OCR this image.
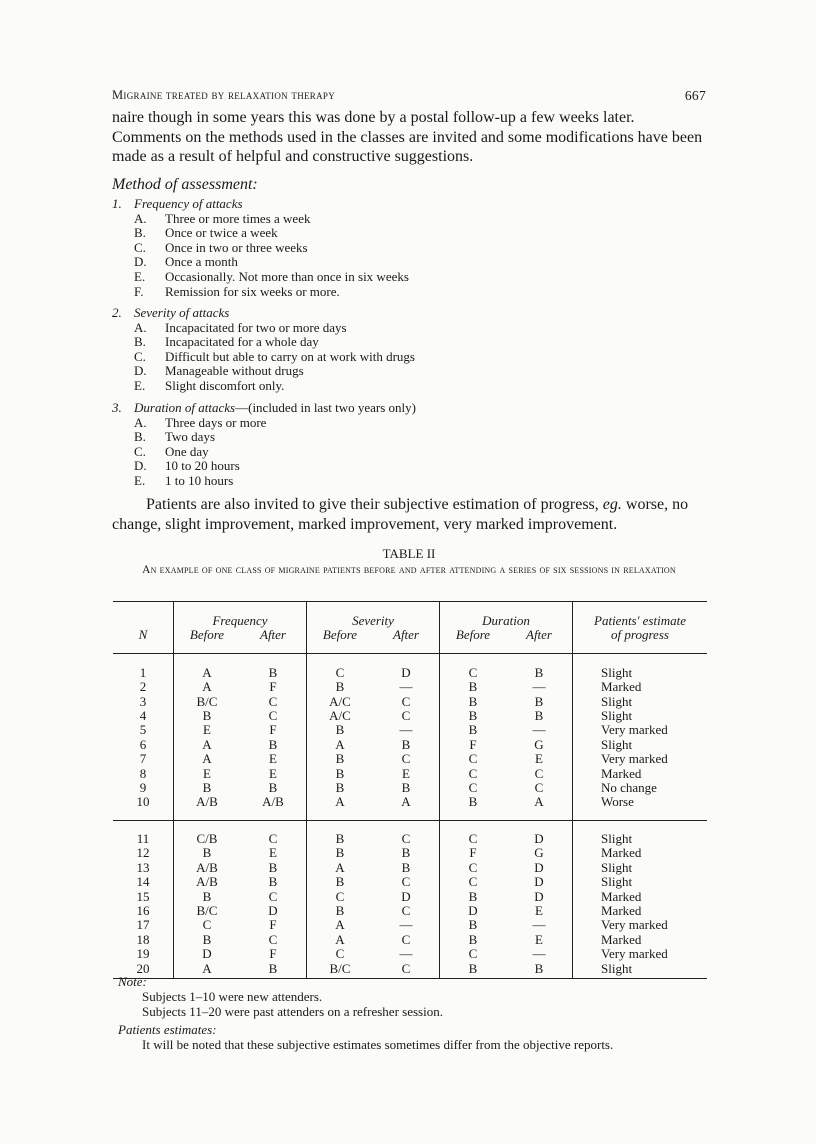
Migraine treated by relaxation therapy	667

naire though in some years this was done by a postal follow-up a few weeks later. Comments on the methods used in the classes are invited and some modifications have been made as a result of helpful and constructive suggestions.

Method of assessment:
1. Frequency of attacks
A. Three or more times a week
B. Once or twice a week
C. Once in two or three weeks
D. Once a month
E. Occasionally. Not more than once in six weeks
F. Remission for six weeks or more.
2. Severity of attacks
A. Incapacitated for two or more days
B. Incapacitated for a whole day
C. Difficult but able to carry on at work with drugs
D. Manageable without drugs
E. Slight discomfort only.
3. Duration of attacks—(included in last two years only)
A. Three days or more
B. Two days
C. One day
D. 10 to 20 hours
E. 1 to 10 hours

Patients are also invited to give their subjective estimation of progress, eg. worse, no change, slight improvement, marked improvement, very marked improvement.

TABLE II
An example of one class of migraine patients before and after attending a series of six sessions in relaxation
	Frequency		Severity		Duration		Patients' estimate
N	Before	After	Before	After	Before	After	of progress
1	A	B	C	D	C	B	Slight
2	A	F	B	—	B	—	Marked
3	B/C	C	A/C	C	B	B	Slight
4	B	C	A/C	C	B	B	Slight
5	E	F	B	—	B	—	Very marked
6	A	B	A	B	F	G	Slight
7	A	E	B	C	C	E	Very marked
8	E	E	B	E	C	C	Marked
9	B	B	B	B	C	C	No change
10	A/B	A/B	A	A	B	A	Worse
11	C/B	C	B	C	C	D	Slight
12	B	E	B	B	F	G	Marked
13	A/B	B	A	B	C	D	Slight
14	A/B	B	B	C	C	D	Slight
15	B	C	C	D	B	D	Marked
16	B/C	D	B	C	D	E	Marked
17	C	F	A	—	B	—	Very marked
18	B	C	A	C	B	E	Marked
19	D	F	C	—	C	—	Very marked
20	A	B	B/C	C	B	B	Slight
Note:
Subjects 1–10 were new attenders.
Subjects 11–20 were past attenders on a refresher session.
Patients estimates:
It will be noted that these subjective estimates sometimes differ from the objective reports.
